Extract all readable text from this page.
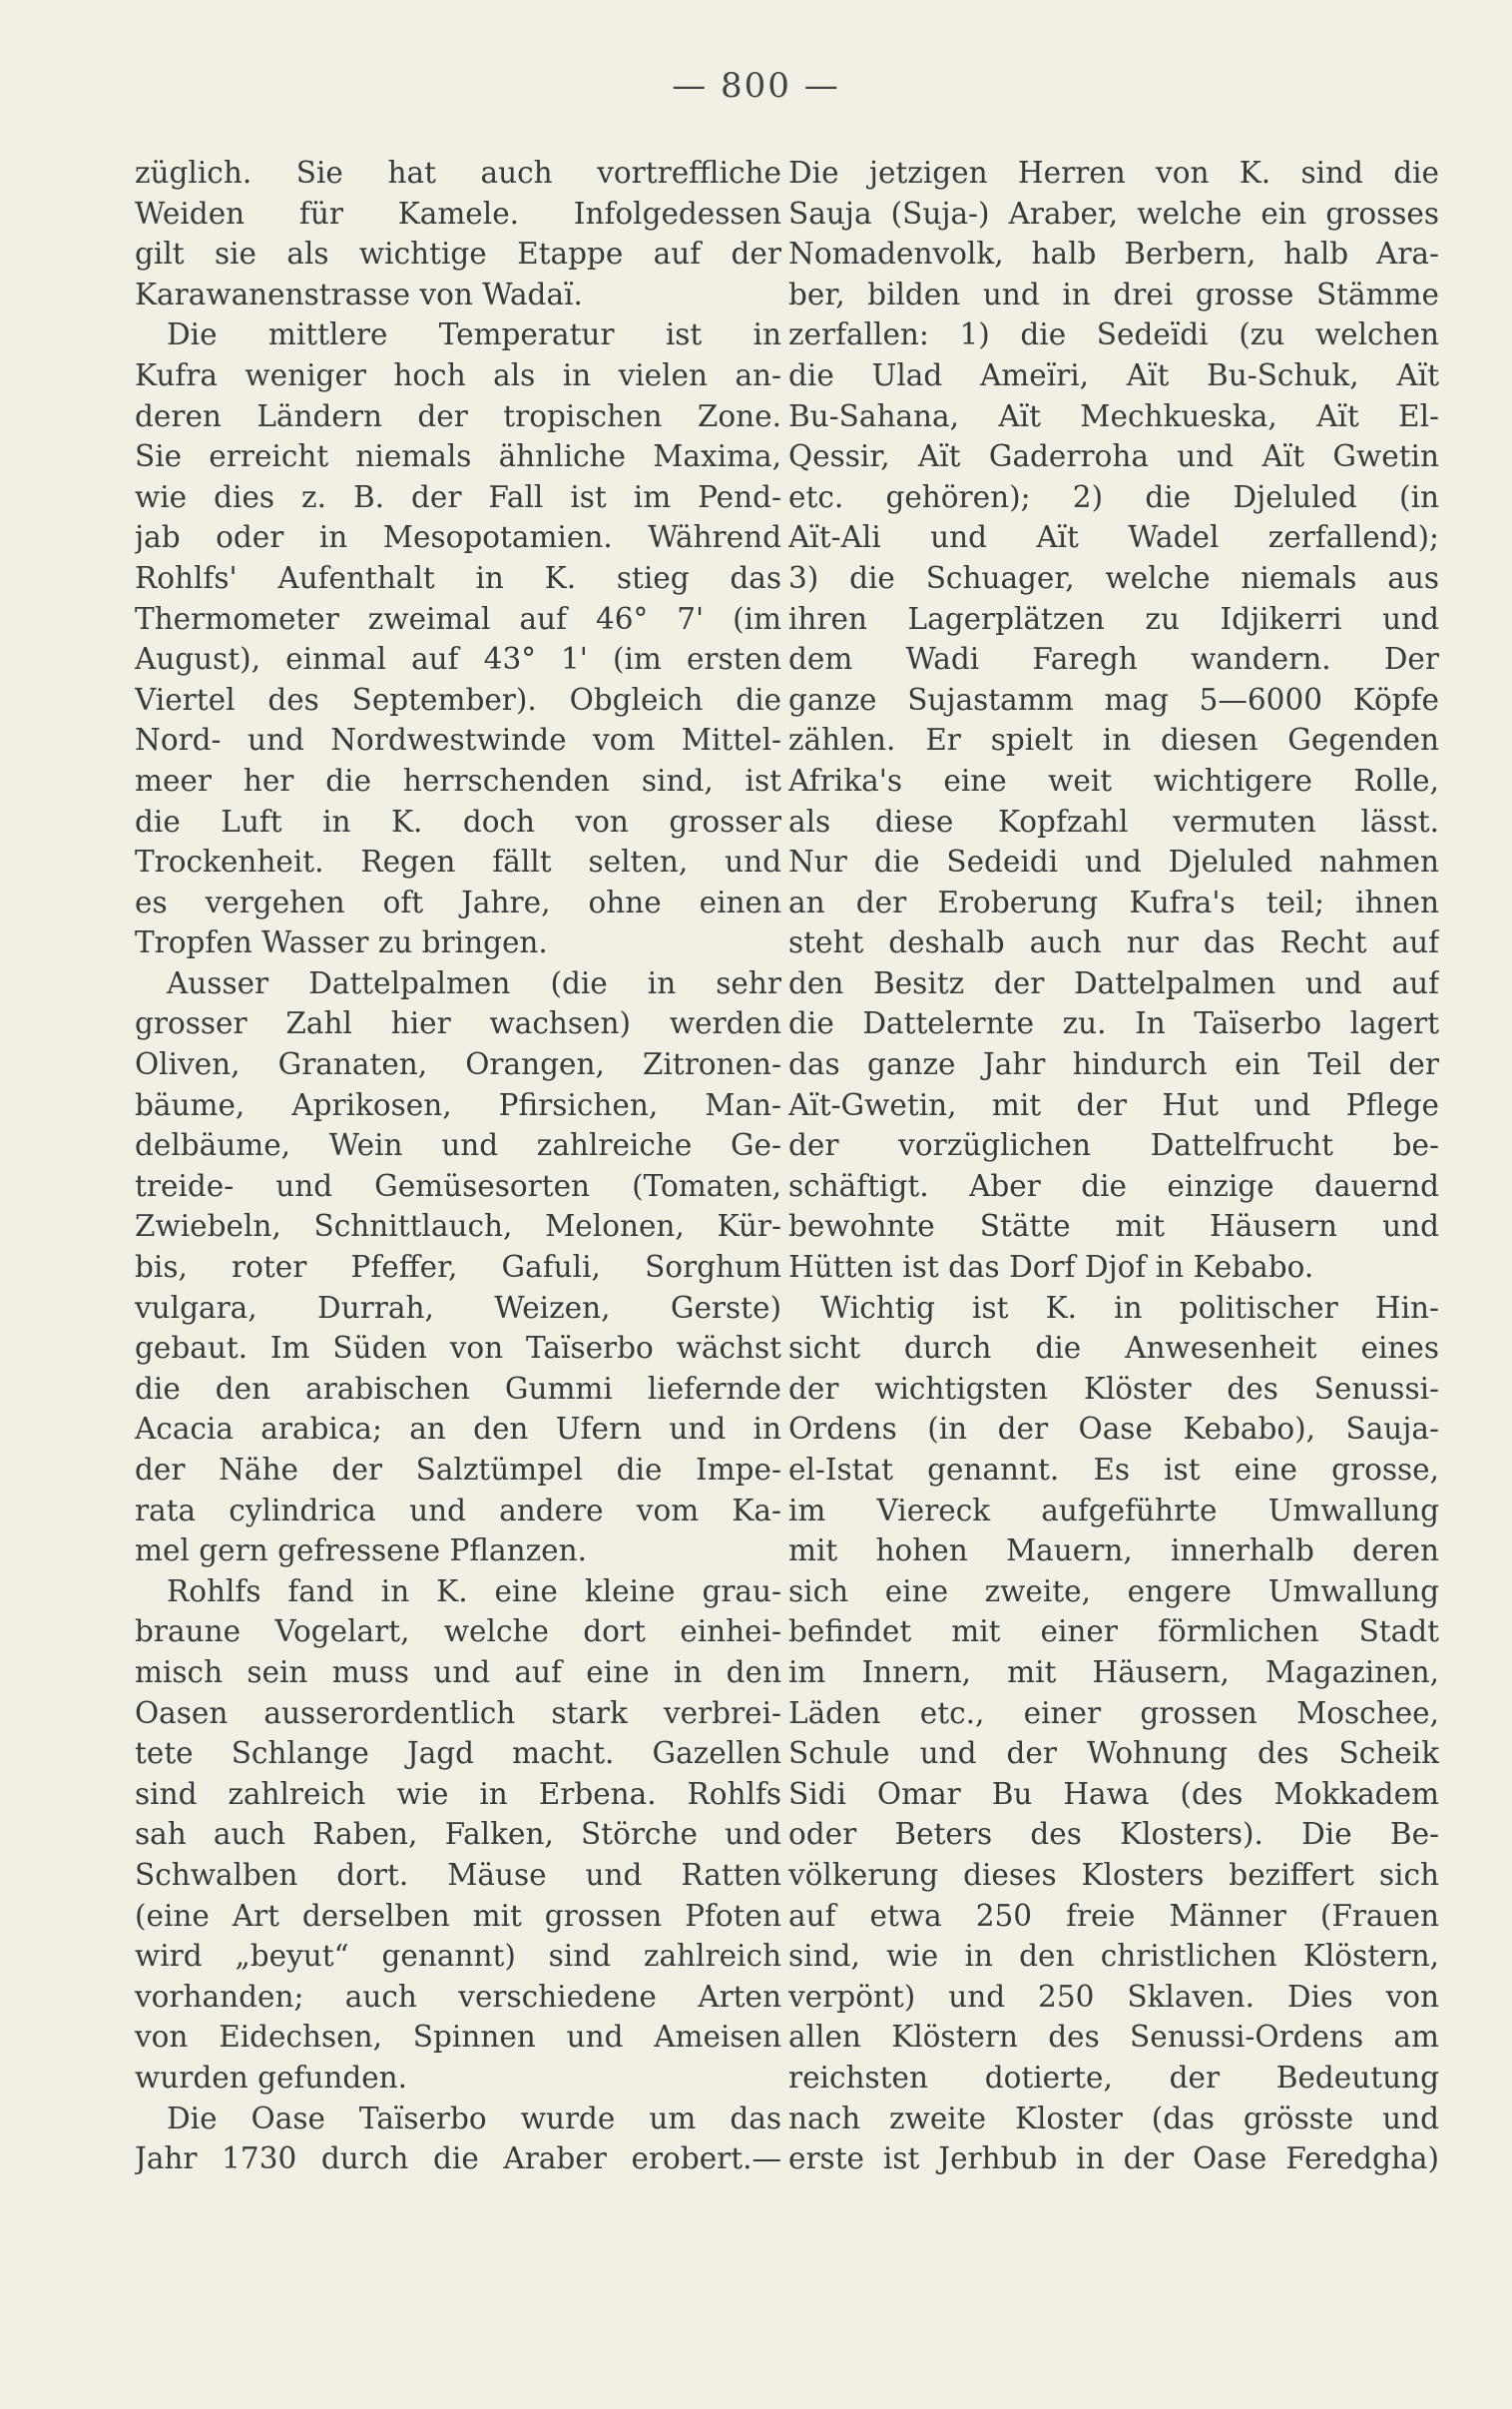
— 800 —
züglich. Sie hat auch vortreffliche
Weiden für Kamele. Infolgedessen
gilt sie als wichtige Etappe auf der
Karawanenstrasse von Wadaï.
Die mittlere Temperatur ist in
Kufra weniger hoch als in vielen an-
deren Ländern der tropischen Zone.
Sie erreicht niemals ähnliche Maxima,
wie dies z. B. der Fall ist im Pend-
jab oder in Mesopotamien. Während
Rohlfs' Aufenthalt in K. stieg das
Thermometer zweimal auf 46° 7' (im
August), einmal auf 43° 1' (im ersten
Viertel des September). Obgleich die
Nord- und Nordwestwinde vom Mittel-
meer her die herrschenden sind, ist
die Luft in K. doch von grosser
Trockenheit. Regen fällt selten, und
es vergehen oft Jahre, ohne einen
Tropfen Wasser zu bringen.
Ausser Dattelpalmen (die in sehr
grosser Zahl hier wachsen) werden
Oliven, Granaten, Orangen, Zitronen-
bäume, Aprikosen, Pfirsichen, Man-
delbäume, Wein und zahlreiche Ge-
treide- und Gemüsesorten (Tomaten,
Zwiebeln, Schnittlauch, Melonen, Kür-
bis, roter Pfeffer, Gafuli, Sorghum
vulgara, Durrah, Weizen, Gerste)
gebaut. Im Süden von Taïserbo wächst
die den arabischen Gummi liefernde
Acacia arabica; an den Ufern und in
der Nähe der Salztümpel die Impe-
rata cylindrica und andere vom Ka-
mel gern gefressene Pflanzen.
Rohlfs fand in K. eine kleine grau-
braune Vogelart, welche dort einhei-
misch sein muss und auf eine in den
Oasen ausserordentlich stark verbrei-
tete Schlange Jagd macht. Gazellen
sind zahlreich wie in Erbena. Rohlfs
sah auch Raben, Falken, Störche und
Schwalben dort. Mäuse und Ratten
(eine Art derselben mit grossen Pfoten
wird „beyut“ genannt) sind zahlreich
vorhanden; auch verschiedene Arten
von Eidechsen, Spinnen und Ameisen
wurden gefunden.
Die Oase Taïserbo wurde um das
Jahr 1730 durch die Araber erobert.—
Die jetzigen Herren von K. sind die
Sauja (Suja-) Araber, welche ein grosses
Nomadenvolk, halb Berbern, halb Ara-
ber, bilden und in drei grosse Stämme
zerfallen: 1) die Sedeïdi (zu welchen
die Ulad Ameïri, Aït Bu-Schuk, Aït
Bu-Sahana, Aït Mechkueska, Aït El-
Qessir, Aït Gaderroha und Aït Gwetin
etc. gehören); 2) die Djeluled (in
Aït-Ali und Aït Wadel zerfallend);
3) die Schuager, welche niemals aus
ihren Lagerplätzen zu Idjikerri und
dem Wadi Faregh wandern. Der
ganze Sujastamm mag 5—6000 Köpfe
zählen. Er spielt in diesen Gegenden
Afrika's eine weit wichtigere Rolle,
als diese Kopfzahl vermuten lässt.
Nur die Sedeidi und Djeluled nahmen
an der Eroberung Kufra's teil; ihnen
steht deshalb auch nur das Recht auf
den Besitz der Dattelpalmen und auf
die Dattelernte zu. In Taïserbo lagert
das ganze Jahr hindurch ein Teil der
Aït-Gwetin, mit der Hut und Pflege
der vorzüglichen Dattelfrucht be-
schäftigt. Aber die einzige dauernd
bewohnte Stätte mit Häusern und
Hütten ist das Dorf Djof in Kebabo.
Wichtig ist K. in politischer Hin-
sicht durch die Anwesenheit eines
der wichtigsten Klöster des Senussi-
Ordens (in der Oase Kebabo), Sauja-
el-Istat genannt. Es ist eine grosse,
im Viereck aufgeführte Umwallung
mit hohen Mauern, innerhalb deren
sich eine zweite, engere Umwallung
befindet mit einer förmlichen Stadt
im Innern, mit Häusern, Magazinen,
Läden etc., einer grossen Moschee,
Schule und der Wohnung des Scheik
Sidi Omar Bu Hawa (des Mokkadem
oder Beters des Klosters). Die Be-
völkerung dieses Klosters beziffert sich
auf etwa 250 freie Männer (Frauen
sind, wie in den christlichen Klöstern,
verpönt) und 250 Sklaven. Dies von
allen Klöstern des Senussi-Ordens am
reichsten dotierte, der Bedeutung
nach zweite Kloster (das grösste und
erste ist Jerhbub in der Oase Feredgha)
